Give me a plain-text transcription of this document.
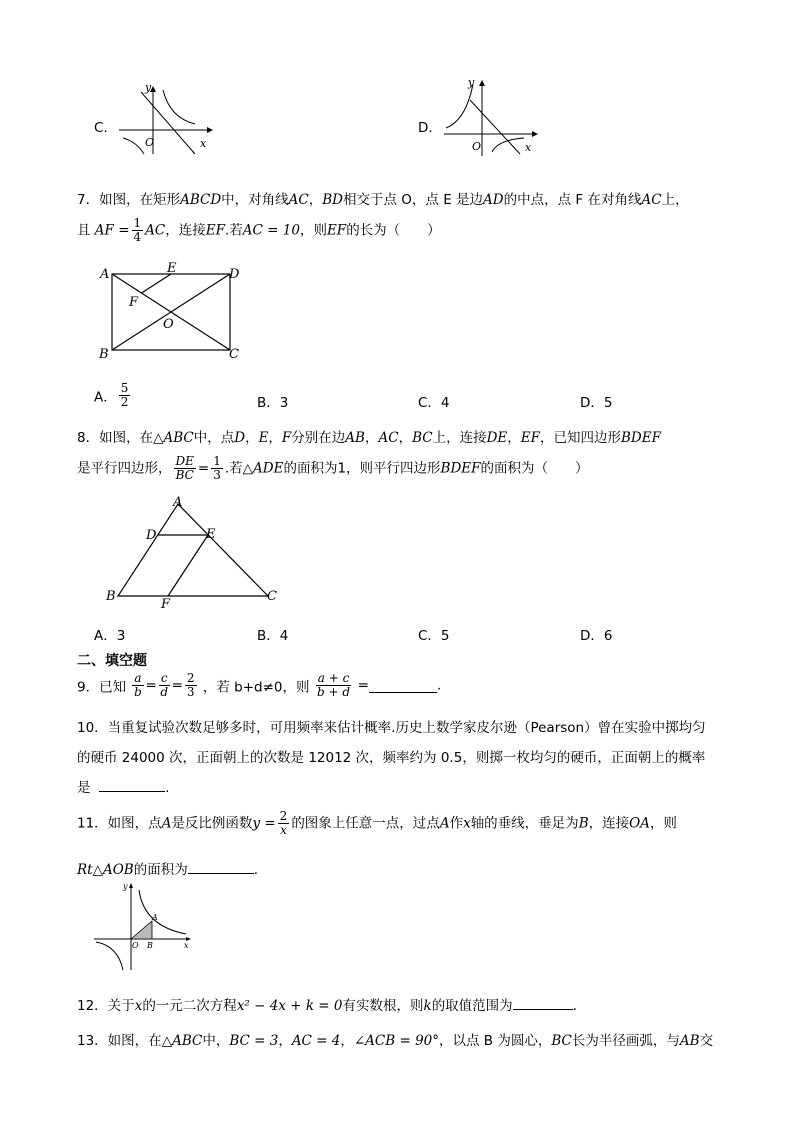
C.
y
x
O
D.
y
x
O
7．如图，在矩形ABCD中，对角线AC，BD相交于点 O，点 E 是边AD的中点，点 F 在对角线AC上，
且 AF = $\frac{1}{4}$ AC，连接EF.若AC = 10，则EF的长为（　　）
A	E	D
F
O
B	C
A． $\frac{5}{2}$	B．3	C．4	D．5
8．如图，在△ABC中，点D，E，F分别在边AB，AC，BC上，连接DE，EF，已知四边形BDEF
是平行四边形， $\frac{DE}{BC} = \frac{1}{3}$ .若△ADE的面积为1，则平行四边形BDEF的面积为（　　）
A
D	E
B
F
C
A．3	B．4	C．5	D．6
二、填空题
9．已知 $\frac{a}{b} = \frac{c}{d} = \frac{2}{3}$ ，若 b+d≠0，则 $\frac{a + c}{b + d}$ =	.
10．当重复试验次数足够多时，可用频率来估计概率.历史上数学家皮尔逊（Pearson）曾在实验中掷均匀
的硬币 24000 次，正面朝上的次数是 12012 次，频率约为 0.5，则掷一枚均匀的硬币，正面朝上的概率
是	.
11．如图，点A是反比例函数$y = \frac{2}{x}$ 的图象上任意一点，过点A作x轴的垂线，垂足为B，连接OA，则
Rt△AOB的面积为	.
y
x
O
A
B
12．关于x的一元二次方程x² − 4x + k = 0有实数根，则k的取值范围为	.
13．如图，在△ABC中，BC = 3，AC = 4，∠ACB = 90°，以点 B 为圆心，BC长为半径画弧，与AB交
